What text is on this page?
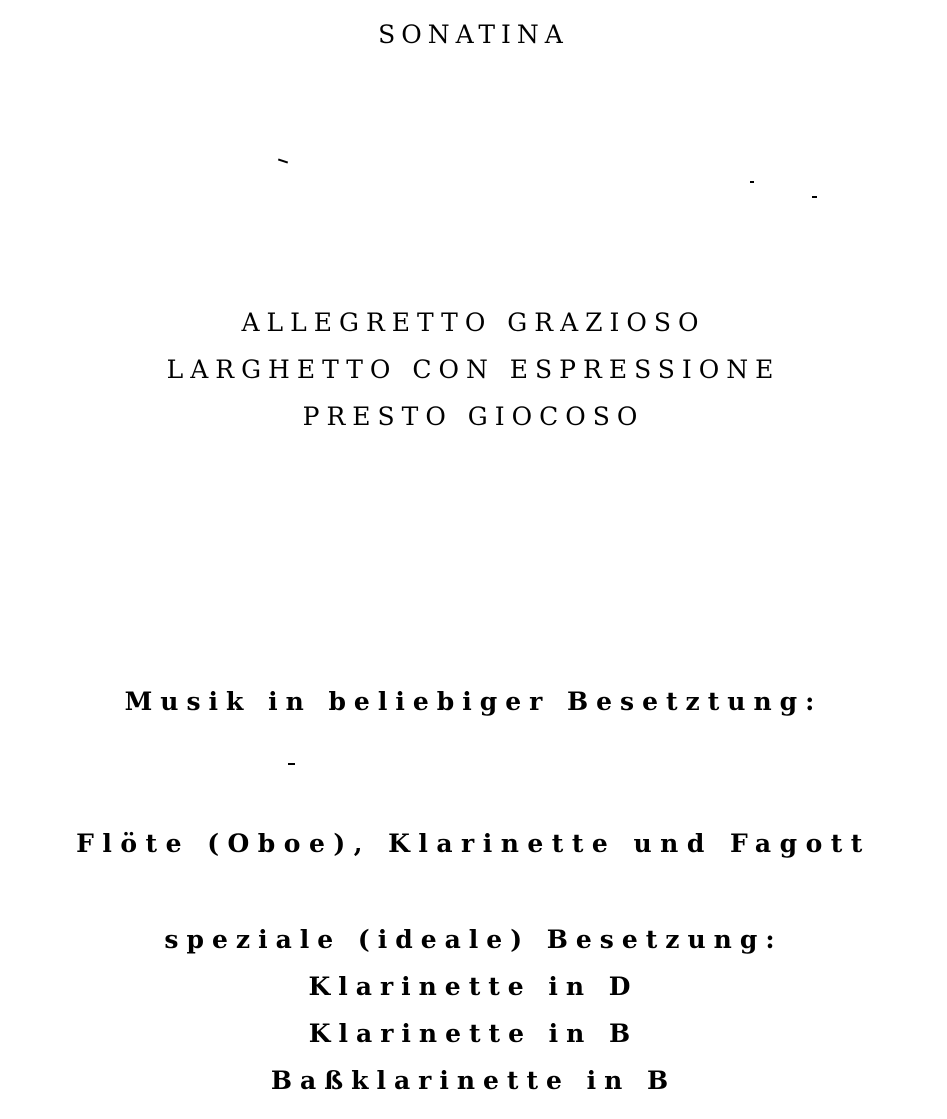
SONATINA
ALLEGRETTO GRAZIOSO
LARGHETTO CON ESPRESSIONE
PRESTO GIOCOSO
Musik in beliebiger Besetztung:
Flöte (Oboe), Klarinette und Fagott
speziale (ideale) Besetzung:
Klarinette in D
Klarinette in B
Baßklarinette in B
